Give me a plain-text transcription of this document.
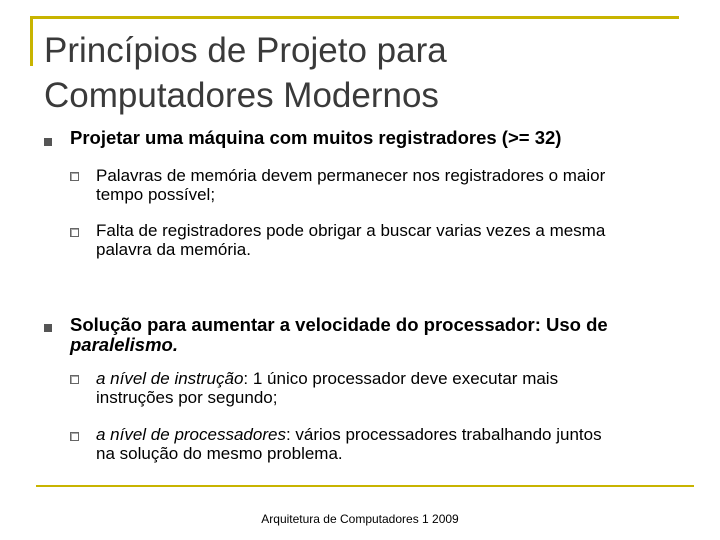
Princípios de Projeto para
Computadores Modernos
Projetar uma máquina com muitos registradores (>= 32)
Palavras de memória devem permanecer nos registradores o maior
tempo possível;
Falta de registradores pode obrigar a buscar varias vezes a mesma
palavra da memória.
Solução para aumentar a velocidade do processador: Uso de
paralelismo.
a nível de instrução: 1 único processador deve executar mais
instruções por segundo;
a nível de processadores: vários processadores trabalhando juntos
na solução do mesmo problema.
Arquitetura de Computadores 1 2009
